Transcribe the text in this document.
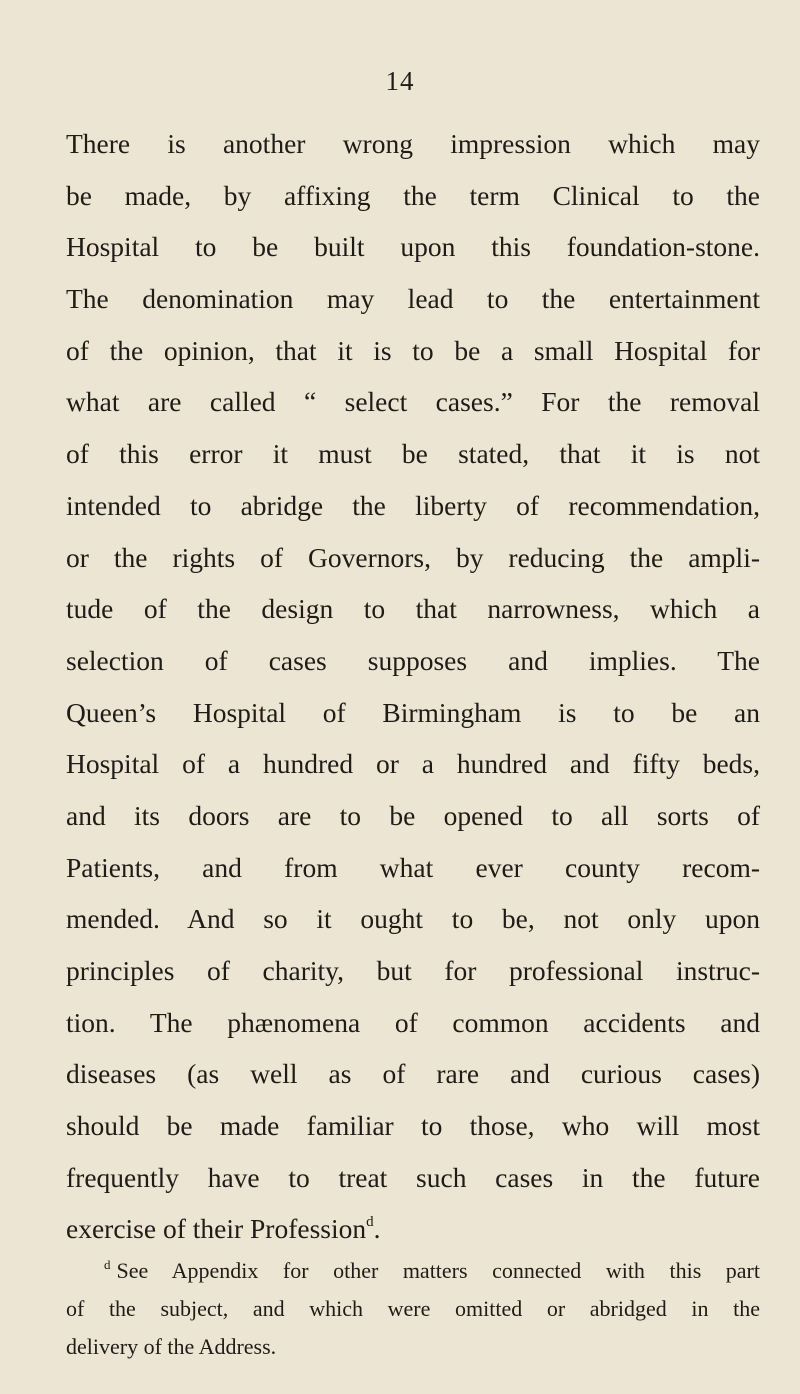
14
There is another wrong impression which may
be made, by affixing the term Clinical to the
Hospital to be built upon this foundation-stone.
The denomination may lead to the entertainment
of the opinion, that it is to be a small Hospital for
what are called “ select cases.” For the removal
of this error it must be stated, that it is not
intended to abridge the liberty of recommendation,
or the rights of Governors, by reducing the ampli-
tude of the design to that narrowness, which a
selection of cases supposes and implies. The
Queen’s Hospital of Birmingham is to be an
Hospital of a hundred or a hundred and fifty beds,
and its doors are to be opened to all sorts of
Patients, and from what ever county recom-
mended. And so it ought to be, not only upon
principles of charity, but for professional instruc-
tion. The phænomena of common accidents and
diseases (as well as of rare and curious cases)
should be made familiar to those, who will most
frequently have to treat such cases in the future
exercise of their Profession$^d$.
$^d$ See Appendix for other matters connected with this part
of the subject, and which were omitted or abridged in the
delivery of the Address.
